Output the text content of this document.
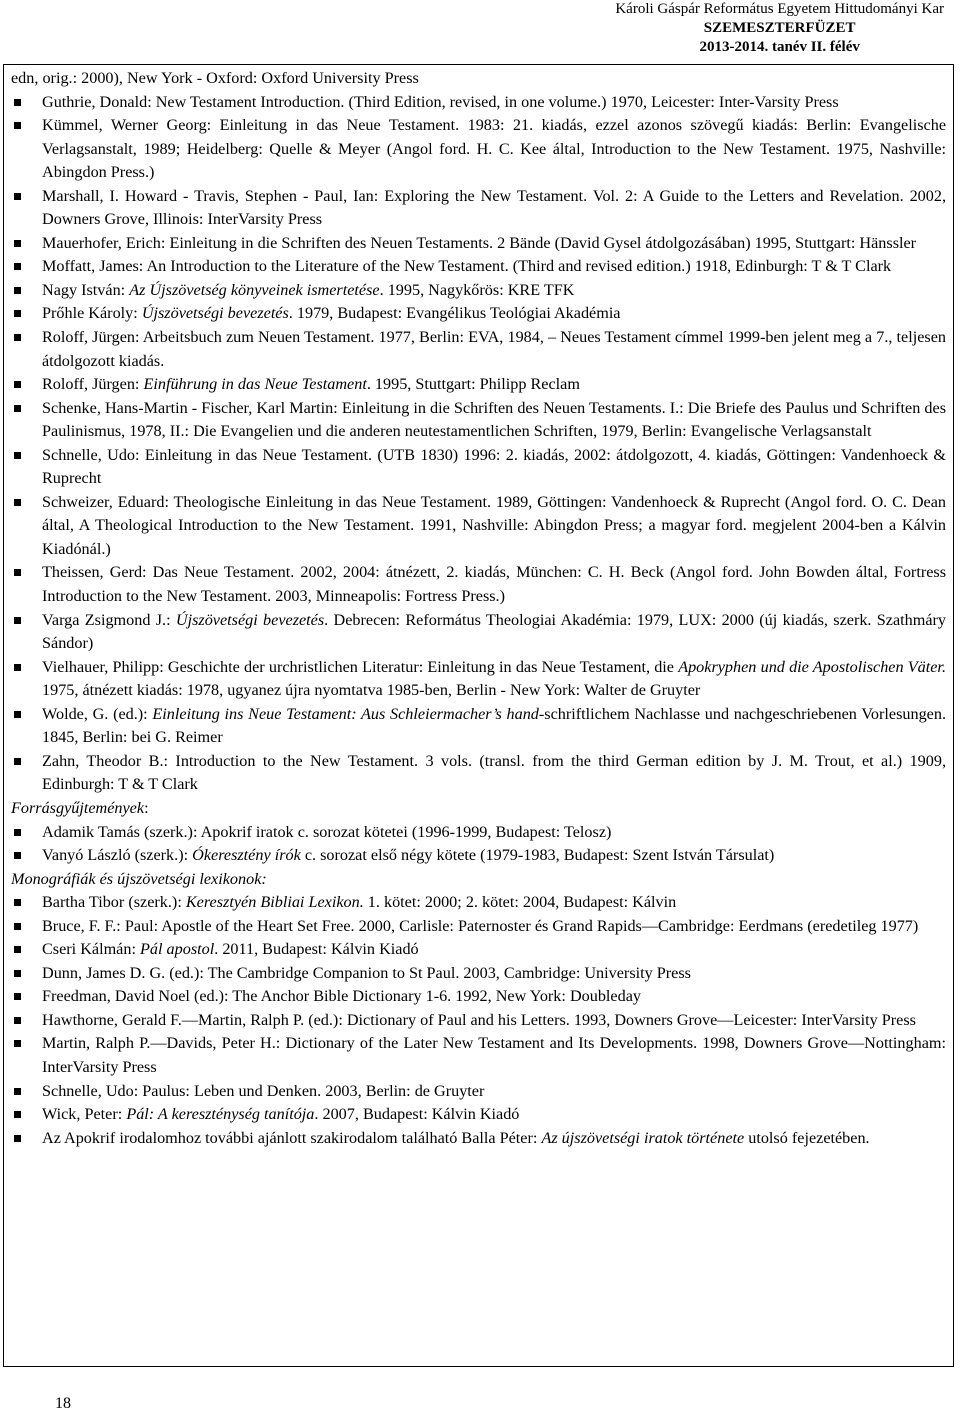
Károli Gáspár Református Egyetem Hittudományi Kar
SZEMESZTERFÜZET
2013-2014. tanév II. félév

edn, orig.: 2000), New York - Oxford: Oxford University Press

Guthrie, Donald: New Testament Introduction. (Third Edition, revised, in one volume.) 1970, Leicester: Inter-Varsity Press

Kümmel, Werner Georg: Einleitung in das Neue Testament. 1983: 21. kiadás, ezzel azonos szövegű kiadás: Berlin: Evangelische Verlagsanstalt, 1989; Heidelberg: Quelle & Meyer (Angol ford. H. C. Kee által, Introduction to the New Testament. 1975, Nashville: Abingdon Press.)

Marshall, I. Howard - Travis, Stephen - Paul, Ian: Exploring the New Testament. Vol. 2: A Guide to the Letters and Revelation. 2002, Downers Grove, Illinois: InterVarsity Press

Mauerhofer, Erich: Einleitung in die Schriften des Neuen Testaments. 2 Bände (David Gysel átdolgozásában) 1995, Stuttgart: Hänssler

Moffatt, James: An Introduction to the Literature of the New Testament. (Third and revised edition.) 1918, Edinburgh: T & T Clark

Nagy István: Az Újszövetség könyveinek ismertetése. 1995, Nagykőrös: KRE TFK

Prőhle Károly: Újszövetségi bevezetés. 1979, Budapest: Evangélikus Teológiai Akadémia

Roloff, Jürgen: Arbeitsbuch zum Neuen Testament. 1977, Berlin: EVA, 1984, – Neues Testament címmel 1999-ben jelent meg a 7., teljesen átdolgozott kiadás.

Roloff, Jürgen: Einführung in das Neue Testament. 1995, Stuttgart: Philipp Reclam

Schenke, Hans-Martin - Fischer, Karl Martin: Einleitung in die Schriften des Neuen Testaments. I.: Die Briefe des Paulus und Schriften des Paulinismus, 1978, II.: Die Evangelien und die anderen neutestamentlichen Schriften, 1979, Berlin: Evangelische Verlagsanstalt

Schnelle, Udo: Einleitung in das Neue Testament. (UTB 1830) 1996: 2. kiadás, 2002: átdolgozott, 4. kiadás, Göttingen: Vandenhoeck & Ruprecht

Schweizer, Eduard: Theologische Einleitung in das Neue Testament. 1989, Göttingen: Vandenhoeck & Ruprecht (Angol ford. O. C. Dean által, A Theological Introduction to the New Testament. 1991, Nashville: Abingdon Press; a magyar ford. megjelent 2004-ben a Kálvin Kiadónál.)

Theissen, Gerd: Das Neue Testament. 2002, 2004: átnézett, 2. kiadás, München: C. H. Beck (Angol ford. John Bowden által, Fortress Introduction to the New Testament. 2003, Minneapolis: Fortress Press.)

Varga Zsigmond J.: Újszövetségi bevezetés. Debrecen: Református Theologiai Akadémia: 1979, LUX: 2000 (új kiadás, szerk. Szathmáry Sándor)

Vielhauer, Philipp: Geschichte der urchristlichen Literatur: Einleitung in das Neue Testament, die Apokryphen und die Apostolischen Väter. 1975, átnézett kiadás: 1978, ugyanez újra nyomtatva 1985-ben, Berlin - New York: Walter de Gruyter

Wolde, G. (ed.): Einleitung ins Neue Testament: Aus Schleiermacher’s hand-schriftlichem Nachlasse und nachgeschriebenen Vorlesungen. 1845, Berlin: bei G. Reimer

Zahn, Theodor B.: Introduction to the New Testament. 3 vols. (transl. from the third German edition by J. M. Trout, et al.) 1909, Edinburgh: T & T Clark

Forrásgyűjtemények:

Adamik Tamás (szerk.): Apokrif iratok c. sorozat kötetei (1996-1999, Budapest: Telosz)

Vanyó László (szerk.): Ókeresztény írók c. sorozat első négy kötete (1979-1983, Budapest: Szent István Társulat)

Monográfiák és újszövetségi lexikonok:

Bartha Tibor (szerk.): Keresztyén Bibliai Lexikon. 1. kötet: 2000; 2. kötet: 2004, Budapest: Kálvin

Bruce, F. F.: Paul: Apostle of the Heart Set Free. 2000, Carlisle: Paternoster és Grand Rapids—Cambridge: Eerdmans (eredetileg 1977)

Cseri Kálmán: Pál apostol. 2011, Budapest: Kálvin Kiadó

Dunn, James D. G. (ed.): The Cambridge Companion to St Paul. 2003, Cambridge: University Press

Freedman, David Noel (ed.): The Anchor Bible Dictionary 1-6. 1992, New York: Doubleday

Hawthorne, Gerald F.—Martin, Ralph P. (ed.): Dictionary of Paul and his Letters. 1993, Downers Grove—Leicester: InterVarsity Press

Martin, Ralph P.—Davids, Peter H.: Dictionary of the Later New Testament and Its Developments. 1998, Downers Grove—Nottingham: InterVarsity Press

Schnelle, Udo: Paulus: Leben und Denken. 2003, Berlin: de Gruyter

Wick, Peter: Pál: A kereszténység tanítója. 2007, Budapest: Kálvin Kiadó

Az Apokrif irodalomhoz további ajánlott szakirodalom található Balla Péter: Az újszövetségi iratok története utolsó fejezetében.

18
